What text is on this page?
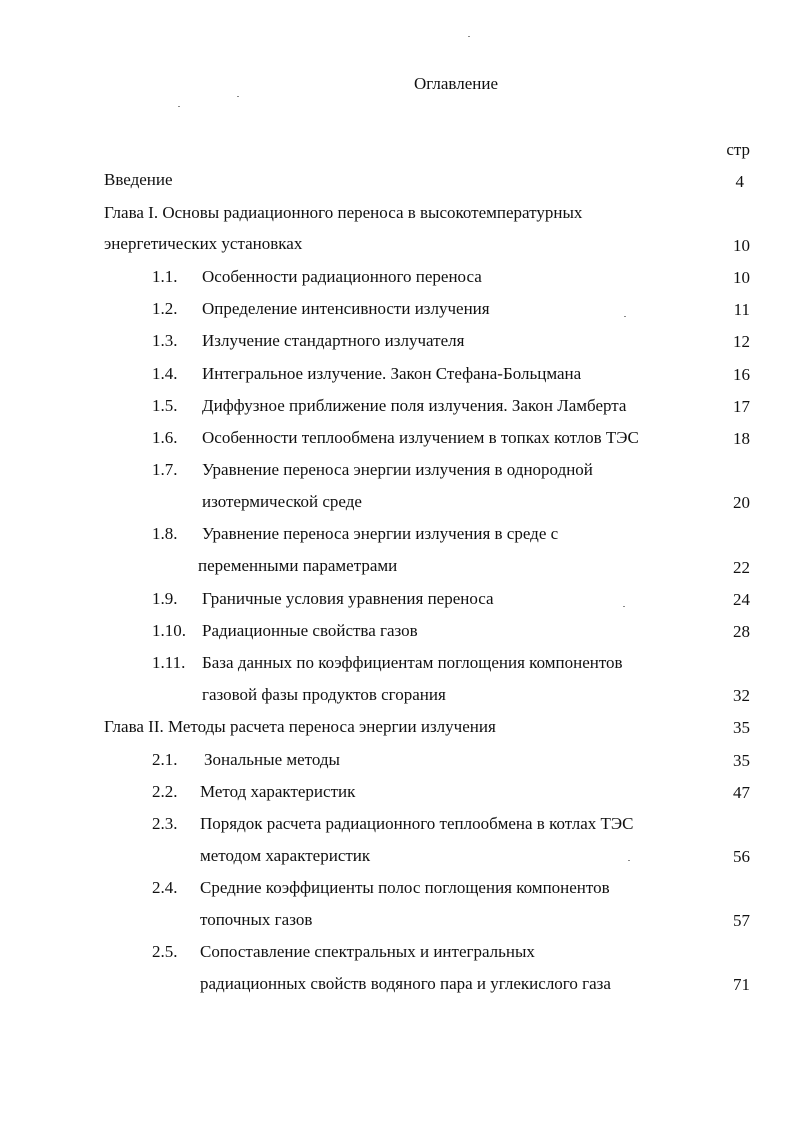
Оглавление
стр
Введение	4
Глава I. Основы радиационного переноса в высокотемпературных
энергетических установках	10
1.1. Особенности радиационного переноса	10
1.2. Определение интенсивности излучения	11
1.3. Излучение стандартного излучателя	12
1.4. Интегральное излучение. Закон Стефана-Больцмана	16
1.5. Диффузное приближение поля излучения. Закон Ламберта	17
1.6. Особенности теплообмена излучением в топках котлов ТЭС	18
1.7. Уравнение переноса энергии излучения в однородной
изотермической среде	20
1.8. Уравнение переноса энергии излучения в среде с
переменными параметрами	22
1.9. Граничные условия уравнения переноса	24
1.10. Радиационные свойства газов	28
1.11. База данных по коэффициентам поглощения компонентов
газовой фазы продуктов сгорания	32
Глава II. Методы расчета переноса энергии излучения	35
2.1. Зональные методы	35
2.2. Метод характеристик	47
2.3. Порядок расчета радиационного теплообмена в котлах ТЭС
методом характеристик	56
2.4. Средние коэффициенты полос поглощения компонентов
топочных газов	57
2.5. Сопоставление спектральных и интегральных
радиационных свойств водяного пара и углекислого газа	71
